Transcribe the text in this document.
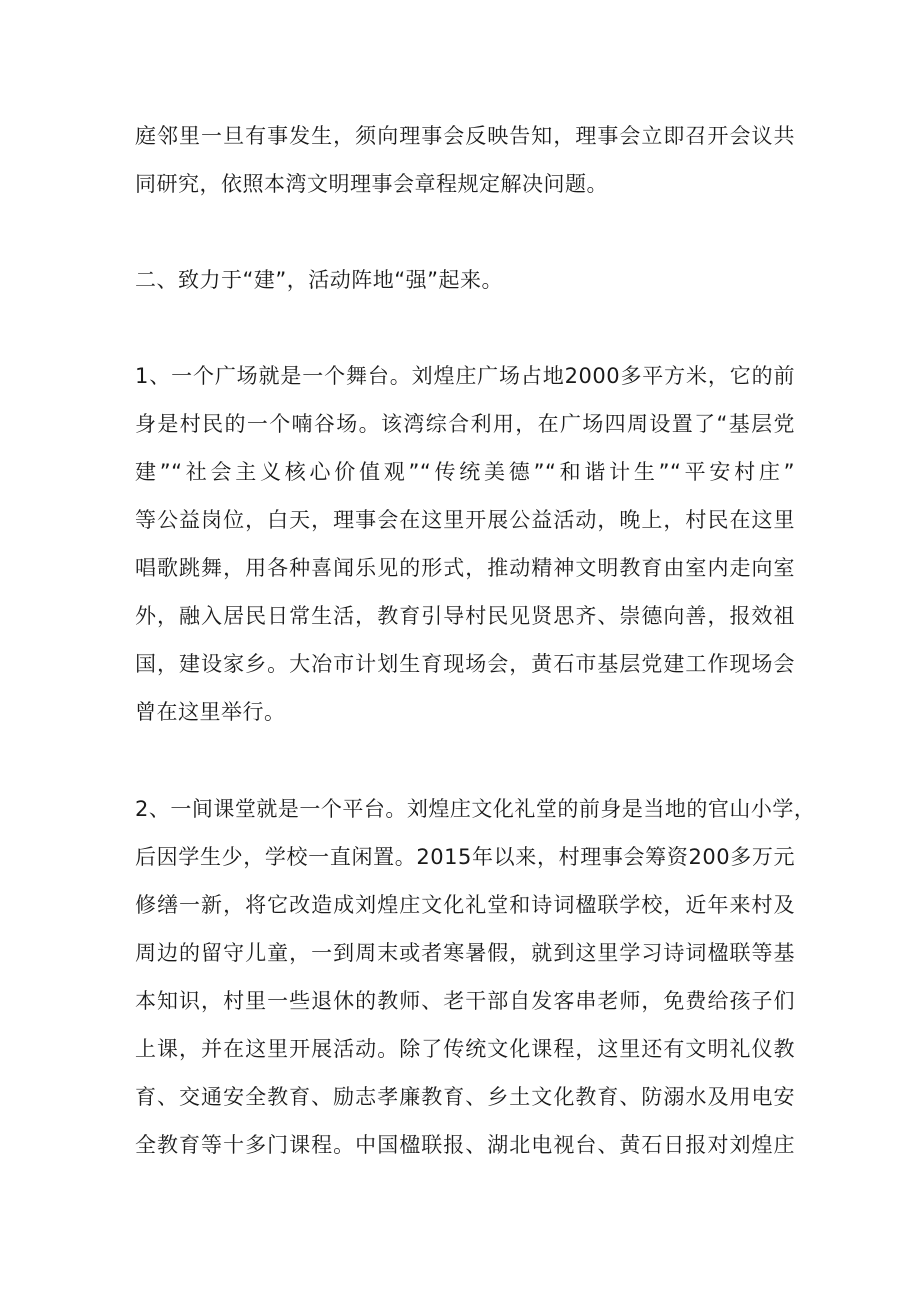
庭邻里一旦有事发生，须向理事会反映告知，理事会立即召开会议共
同研究，依照本湾文明理事会章程规定解决问题。
二、致力于“建”，活动阵地“强”起来。
1、一个广场就是一个舞台。刘煌庄广场占地2000多平方米，它的前
身是村民的一个喃谷场。该湾综合利用，在广场四周设置了“基层党
建”“社会主义核心价值观”“传统美德”“和谐计生”“平安村庄”
等公益岗位，白天，理事会在这里开展公益活动，晚上，村民在这里
唱歌跳舞，用各种喜闻乐见的形式，推动精神文明教育由室内走向室
外，融入居民日常生活，教育引导村民见贤思齐、崇德向善，报效祖
国，建设家乡。大冶市计划生育现场会，黄石市基层党建工作现场会
曾在这里举行。
2、一间课堂就是一个平台。刘煌庄文化礼堂的前身是当地的官山小学，
后因学生少，学校一直闲置。2015年以来，村理事会筹资200多万元
修缮一新，将它改造成刘煌庄文化礼堂和诗词楹联学校，近年来村及
周边的留守儿童，一到周末或者寒暑假，就到这里学习诗词楹联等基
本知识，村里一些退休的教师、老干部自发客串老师，免费给孩子们
上课，并在这里开展活动。除了传统文化课程，这里还有文明礼仪教
育、交通安全教育、励志孝廉教育、乡土文化教育、防溺水及用电安
全教育等十多门课程。中国楹联报、湖北电视台、黄石日报对刘煌庄
